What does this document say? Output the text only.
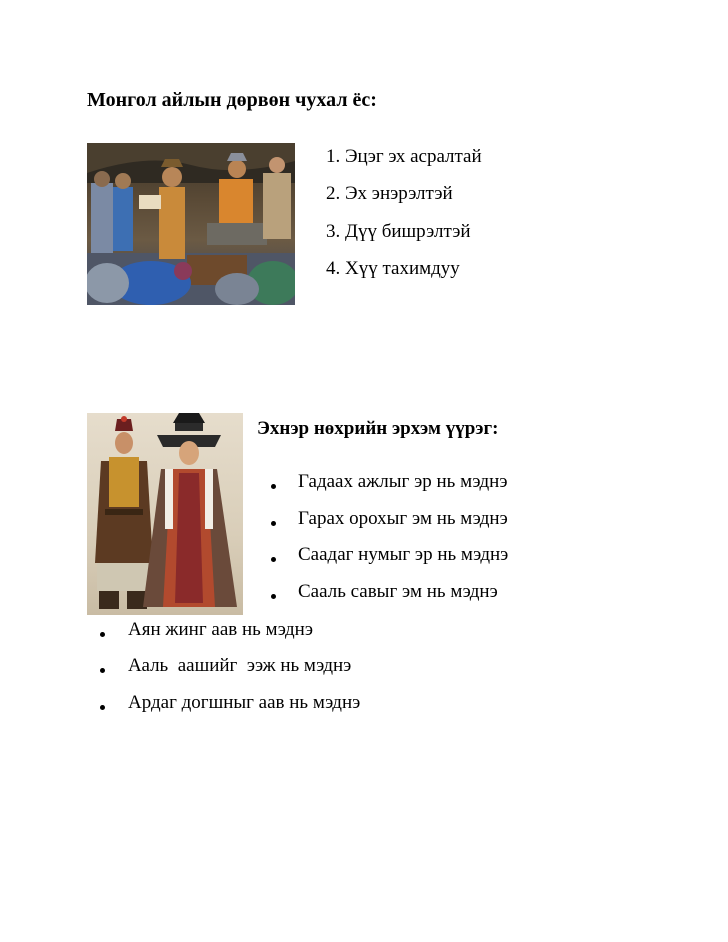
Монгол айлын дөрвөн чухал ёс:
1. Эцэг эх асралтай
2. Эх энэрэлтэй
3. Дүү бишрэлтэй
4. Хүү тахимдуу
Эхнэр нөхрийн эрхэм үүрэг:
Гадаах ажлыг эр нь мэднэ
Гарах орохыг эм нь мэднэ
Саадаг нумыг эр нь мэднэ
Сааль савыг эм нь мэднэ
Аян жинг аав нь мэднэ
Ааль  аашийг  ээж нь мэднэ
Ардаг догшныг аав нь мэднэ
